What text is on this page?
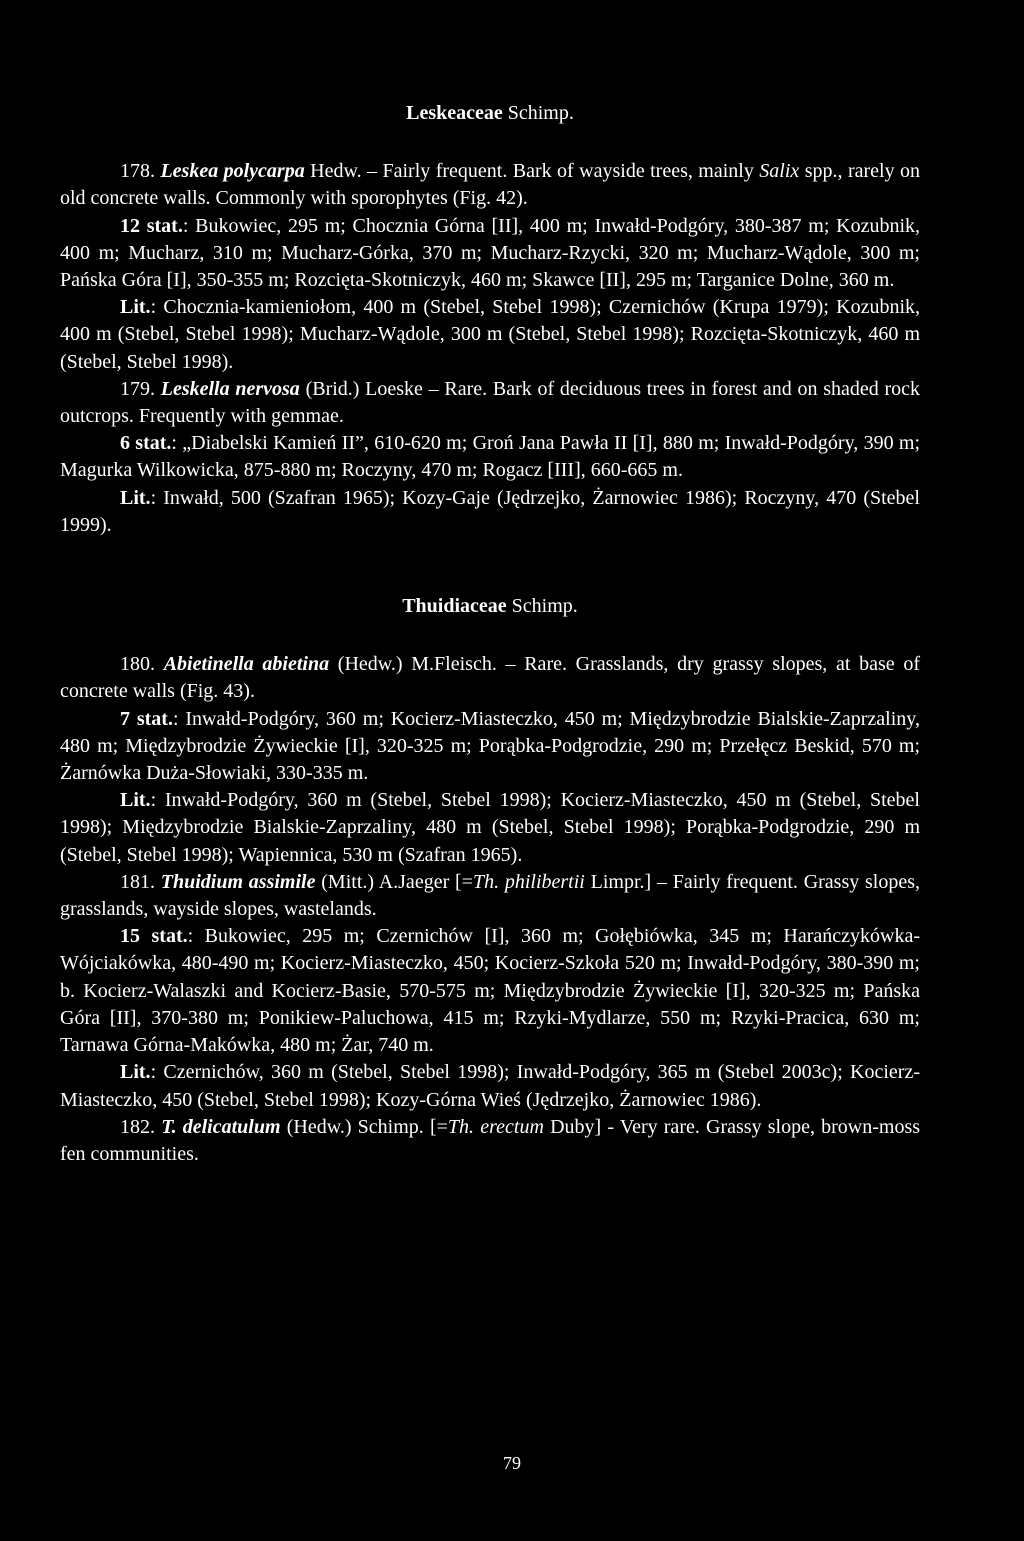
Leskeaceae Schimp.

178. Leskea polycarpa Hedw. – Fairly frequent. Bark of wayside trees, mainly Salix spp., rarely on old concrete walls. Commonly with sporophytes (Fig. 42).

12 stat.: Bukowiec, 295 m; Chocznia Górna [II], 400 m; Inwałd-Podgóry, 380-387 m; Kozubnik, 400 m; Mucharz, 310 m; Mucharz-Górka, 370 m; Mucharz-Rzycki, 320 m; Mucharz-Wądole, 300 m; Pańska Góra [I], 350-355 m; Rozcięta-Skotniczyk, 460 m; Skawce [II], 295 m; Targanice Dolne, 360 m.

Lit.: Chocznia-kamieniołom, 400 m (Stebel, Stebel 1998); Czernichów (Krupa 1979); Kozubnik, 400 m (Stebel, Stebel 1998); Mucharz-Wądole, 300 m (Stebel, Stebel 1998); Rozcięta-Skotniczyk, 460 m (Stebel, Stebel 1998).

179. Leskella nervosa (Brid.) Loeske – Rare. Bark of deciduous trees in forest and on shaded rock outcrops. Frequently with gemmae.

6 stat.: „Diabelski Kamień II”, 610-620 m; Groń Jana Pawła II [I], 880 m; Inwałd-Podgóry, 390 m; Magurka Wilkowicka, 875-880 m; Roczyny, 470 m; Rogacz [III], 660-665 m.

Lit.: Inwałd, 500 (Szafran 1965); Kozy-Gaje (Jędrzejko, Żarnowiec 1986); Roczyny, 470 (Stebel 1999).

Thuidiaceae Schimp.

180. Abietinella abietina (Hedw.) M.Fleisch. – Rare. Grasslands, dry grassy slopes, at base of concrete walls (Fig. 43).

7 stat.: Inwałd-Podgóry, 360 m; Kocierz-Miasteczko, 450 m; Międzybrodzie Bialskie-Zaprzaliny, 480 m; Międzybrodzie Żywieckie [I], 320-325 m; Porąbka-Podgrodzie, 290 m; Przełęcz Beskid, 570 m; Żarnówka Duża-Słowiaki, 330-335 m.

Lit.: Inwałd-Podgóry, 360 m (Stebel, Stebel 1998); Kocierz-Miasteczko, 450 m (Stebel, Stebel 1998); Międzybrodzie Bialskie-Zaprzaliny, 480 m (Stebel, Stebel 1998); Porąbka-Podgrodzie, 290 m (Stebel, Stebel 1998); Wapiennica, 530 m (Szafran 1965).

181. Thuidium assimile (Mitt.) A.Jaeger [=Th. philibertii Limpr.] – Fairly frequent. Grassy slopes, grasslands, wayside slopes, wastelands.

15 stat.: Bukowiec, 295 m; Czernichów [I], 360 m; Gołębiówka, 345 m; Harańczykówka-Wójciakówka, 480-490 m; Kocierz-Miasteczko, 450; Kocierz-Szkoła 520 m; Inwałd-Podgóry, 380-390 m; b. Kocierz-Walaszki and Kocierz-Basie, 570-575 m; Międzybrodzie Żywieckie [I], 320-325 m; Pańska Góra [II], 370-380 m; Ponikiew-Paluchowa, 415 m; Rzyki-Mydlarze, 550 m; Rzyki-Pracica, 630 m; Tarnawa Górna-Makówka, 480 m; Żar, 740 m.

Lit.: Czernichów, 360 m (Stebel, Stebel 1998); Inwałd-Podgóry, 365 m (Stebel 2003c); Kocierz-Miasteczko, 450 (Stebel, Stebel 1998); Kozy-Górna Wieś (Jędrzejko, Żarnowiec 1986).

182. T. delicatulum (Hedw.) Schimp. [=Th. erectum Duby] - Very rare. Grassy slope, brown-moss fen communities.

79
